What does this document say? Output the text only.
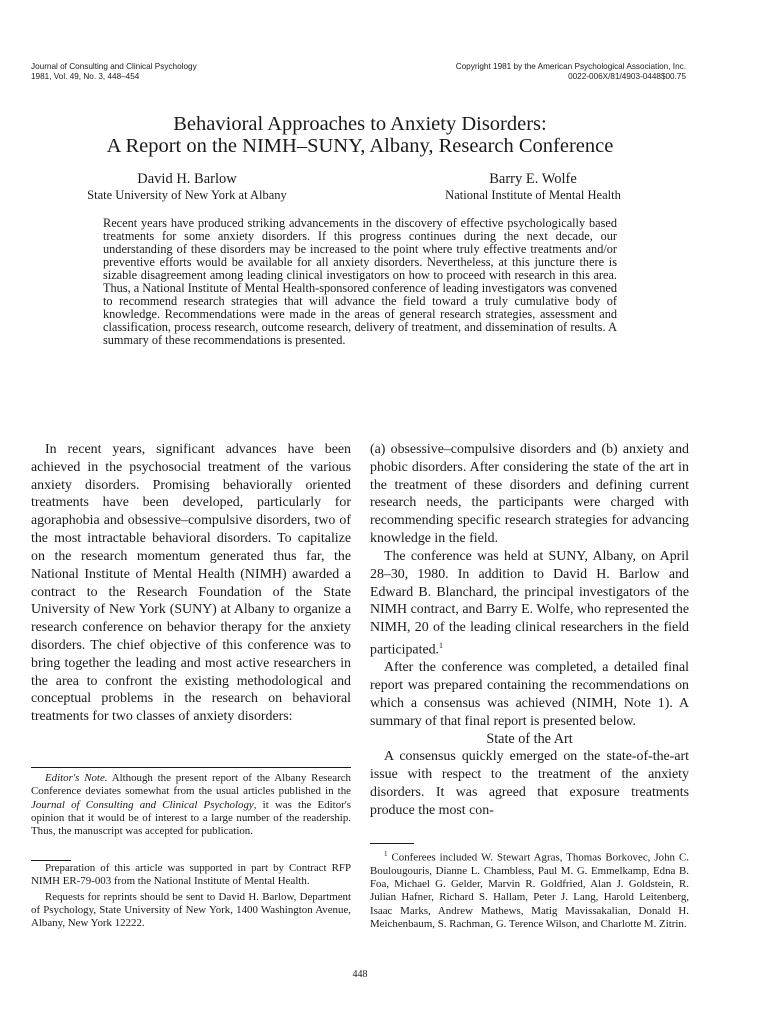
Journal of Consulting and Clinical Psychology
1981, Vol. 49, No. 3, 448–454
Copyright 1981 by the American Psychological Association, Inc.
0022-006X/81/4903-0448$00.75
Behavioral Approaches to Anxiety Disorders:
A Report on the NIMH–SUNY, Albany, Research Conference
David H. Barlow
State University of New York at Albany
Barry E. Wolfe
National Institute of Mental Health
Recent years have produced striking advancements in the discovery of effective psychologically based treatments for some anxiety disorders. If this progress continues during the next decade, our understanding of these disorders may be increased to the point where truly effective treatments and/or preventive efforts would be available for all anxiety disorders. Nevertheless, at this juncture there is sizable disagreement among leading clinical investigators on how to proceed with research in this area. Thus, a National Institute of Mental Health-sponsored conference of leading investigators was convened to recommend research strategies that will advance the field toward a truly cumulative body of knowledge. Recommendations were made in the areas of general research strategies, assessment and classification, process research, outcome research, delivery of treatment, and dissemination of results. A summary of these recommendations is presented.

In recent years, significant advances have been achieved in the psychosocial treatment of the various anxiety disorders. Promising behaviorally oriented treatments have been developed, particularly for agoraphobia and obsessive–compulsive disorders, two of the most intractable behavioral disorders. To capitalize on the research momentum generated thus far, the National Institute of Mental Health (NIMH) awarded a contract to the Research Foundation of the State University of New York (SUNY) at Albany to organize a research conference on behavior therapy for the anxiety disorders. The chief objective of this conference was to bring together the leading and most active researchers in the area to confront the existing methodological and conceptual problems in the research on behavioral treatments for two classes of anxiety disorders:

(a) obsessive–compulsive disorders and (b) anxiety and phobic disorders. After considering the state of the art in the treatment of these disorders and defining current research needs, the participants were charged with recommending specific research strategies for advancing knowledge in the field.

The conference was held at SUNY, Albany, on April 28–30, 1980. In addition to David H. Barlow and Edward B. Blanchard, the principal investigators of the NIMH contract, and Barry E. Wolfe, who represented the NIMH, 20 of the leading clinical researchers in the field participated.$^1$

After the conference was completed, a detailed final report was prepared containing the recommendations on which a consensus was achieved (NIMH, Note 1). A summary of that final report is presented below.

State of the Art

A consensus quickly emerged on the state-of-the-art issue with respect to the treatment of the anxiety disorders. It was agreed that exposure treatments produce the most con-

Editor's Note. Although the present report of the Albany Research Conference deviates somewhat from the usual articles published in the Journal of Consulting and Clinical Psychology, it was the Editor's opinion that it would be of interest to a large number of the readership. Thus, the manuscript was accepted for publication.

Preparation of this article was supported in part by Contract RFP NIMH ER-79-003 from the National Institute of Mental Health.

Requests for reprints should be sent to David H. Barlow, Department of Psychology, State University of New York, 1400 Washington Avenue, Albany, New York 12222.

$^1$ Conferees included W. Stewart Agras, Thomas Borkovec, John C. Boulougouris, Dianne L. Chambless, Paul M. G. Emmelkamp, Edna B. Foa, Michael G. Gelder, Marvin R. Goldfried, Alan J. Goldstein, R. Julian Hafner, Richard S. Hallam, Peter J. Lang, Harold Leitenberg, Isaac Marks, Andrew Mathews, Matig Mavissakalian, Donald H. Meichenbaum, S. Rachman, G. Terence Wilson, and Charlotte M. Zitrin.

448
